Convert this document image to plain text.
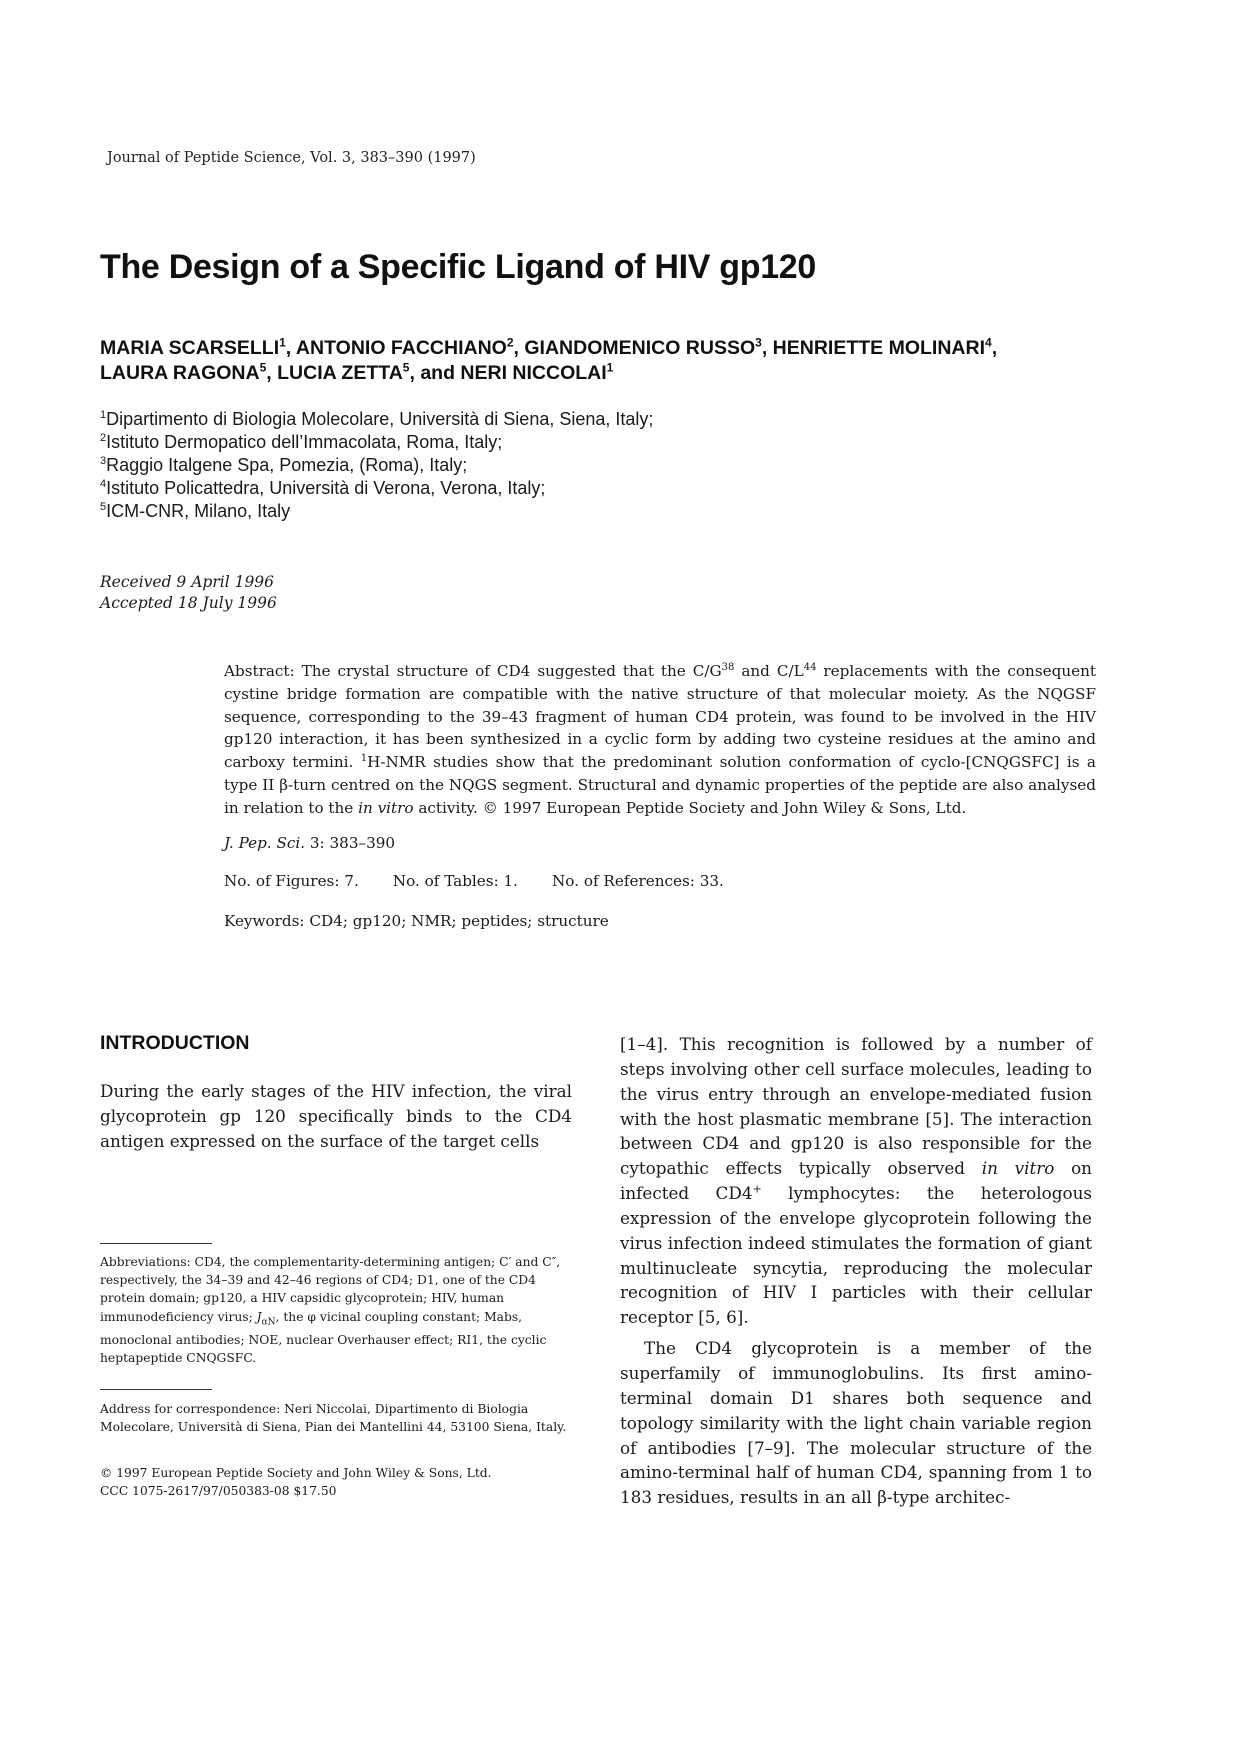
Journal of Peptide Science, Vol. 3, 383–390 (1997)
The Design of a Specific Ligand of HIV gp120

MARIA SCARSELLI$^1$, ANTONIO FACCHIANO$^2$, GIANDOMENICO RUSSO$^3$, HENRIETTE MOLINARI$^4$,
LAURA RAGONA$^5$, LUCIA ZETTA$^5$, and NERI NICCOLAI$^1$

$^1$Dipartimento di Biologia Molecolare, Università di Siena, Siena, Italy;
$^2$Istituto Dermopatico dell’Immacolata, Roma, Italy;
$^3$Raggio Italgene Spa, Pomezia, (Roma), Italy;
$^4$Istituto Policattedra, Università di Verona, Verona, Italy;
$^5$ICM-CNR, Milano, Italy
Received 9 April 1996
Accepted 18 July 1996

Abstract: The crystal structure of CD4 suggested that the $C/G^{38}$ and $C/L^{44}$ replacements with the consequent cystine bridge formation are compatible with the native structure of that molecular moiety. As the NQGSF sequence, corresponding to the 39–43 fragment of human CD4 protein, was found to be involved in the HIV gp120 interaction, it has been synthesized in a cyclic form by adding two cysteine residues at the amino and carboxy termini. $^1$H-NMR studies show that the predominant solution conformation of cyclo-[CNQGSFC] is a type II β-turn centred on the NQGS segment. Structural and dynamic properties of the peptide are also analysed in relation to the in vitro activity. © 1997 European Peptide Society and John Wiley & Sons, Ltd.

J. Pep. Sci. 3: 383–390

No. of Figures: 7. No. of Tables: 1. No. of References: 33.

Keywords: CD4; gp120; NMR; peptides; structure

INTRODUCTION

During the early stages of the HIV infection, the viral glycoprotein gp 120 specifically binds to the CD4 antigen expressed on the surface of the target cells

Abbreviations: CD4, the complementarity-determining antigen; C′ and C″, respectively, the 34–39 and 42–46 regions of CD4; D1, one of the CD4 protein domain; gp120, a HIV capsidic glycoprotein; HIV, human immunodeficiency virus; $J_{\alpha N}$, the φ vicinal coupling constant; Mabs, monoclonal antibodies; NOE, nuclear Overhauser effect; RI1, the cyclic heptapeptide CNQGSFC.

Address for correspondence: Neri Niccolai, Dipartimento di Biologia Molecolare, Università di Siena, Pian dei Mantellini 44, 53100 Siena, Italy.

© 1997 European Peptide Society and John Wiley & Sons, Ltd.

CCC 1075-2617/97/050383-08 $17.50

[1–4]. This recognition is followed by a number of steps involving other cell surface molecules, leading to the virus entry through an envelope-mediated fusion with the host plasmatic membrane [5]. The interaction between CD4 and gp120 is also responsible for the cytopathic effects typically observed in vitro on infected CD4+ lymphocytes: the heterologous expression of the envelope glycoprotein following the virus infection indeed stimulates the formation of giant multinucleate syncytia, reproducing the molecular recognition of HIV I particles with their cellular receptor [5, 6].

The CD4 glycoprotein is a member of the superfamily of immunoglobulins. Its first amino-terminal domain D1 shares both sequence and topology similarity with the light chain variable region of antibodies [7–9]. The molecular structure of the amino-terminal half of human CD4, spanning from 1 to 183 residues, results in an all β-type architec-
